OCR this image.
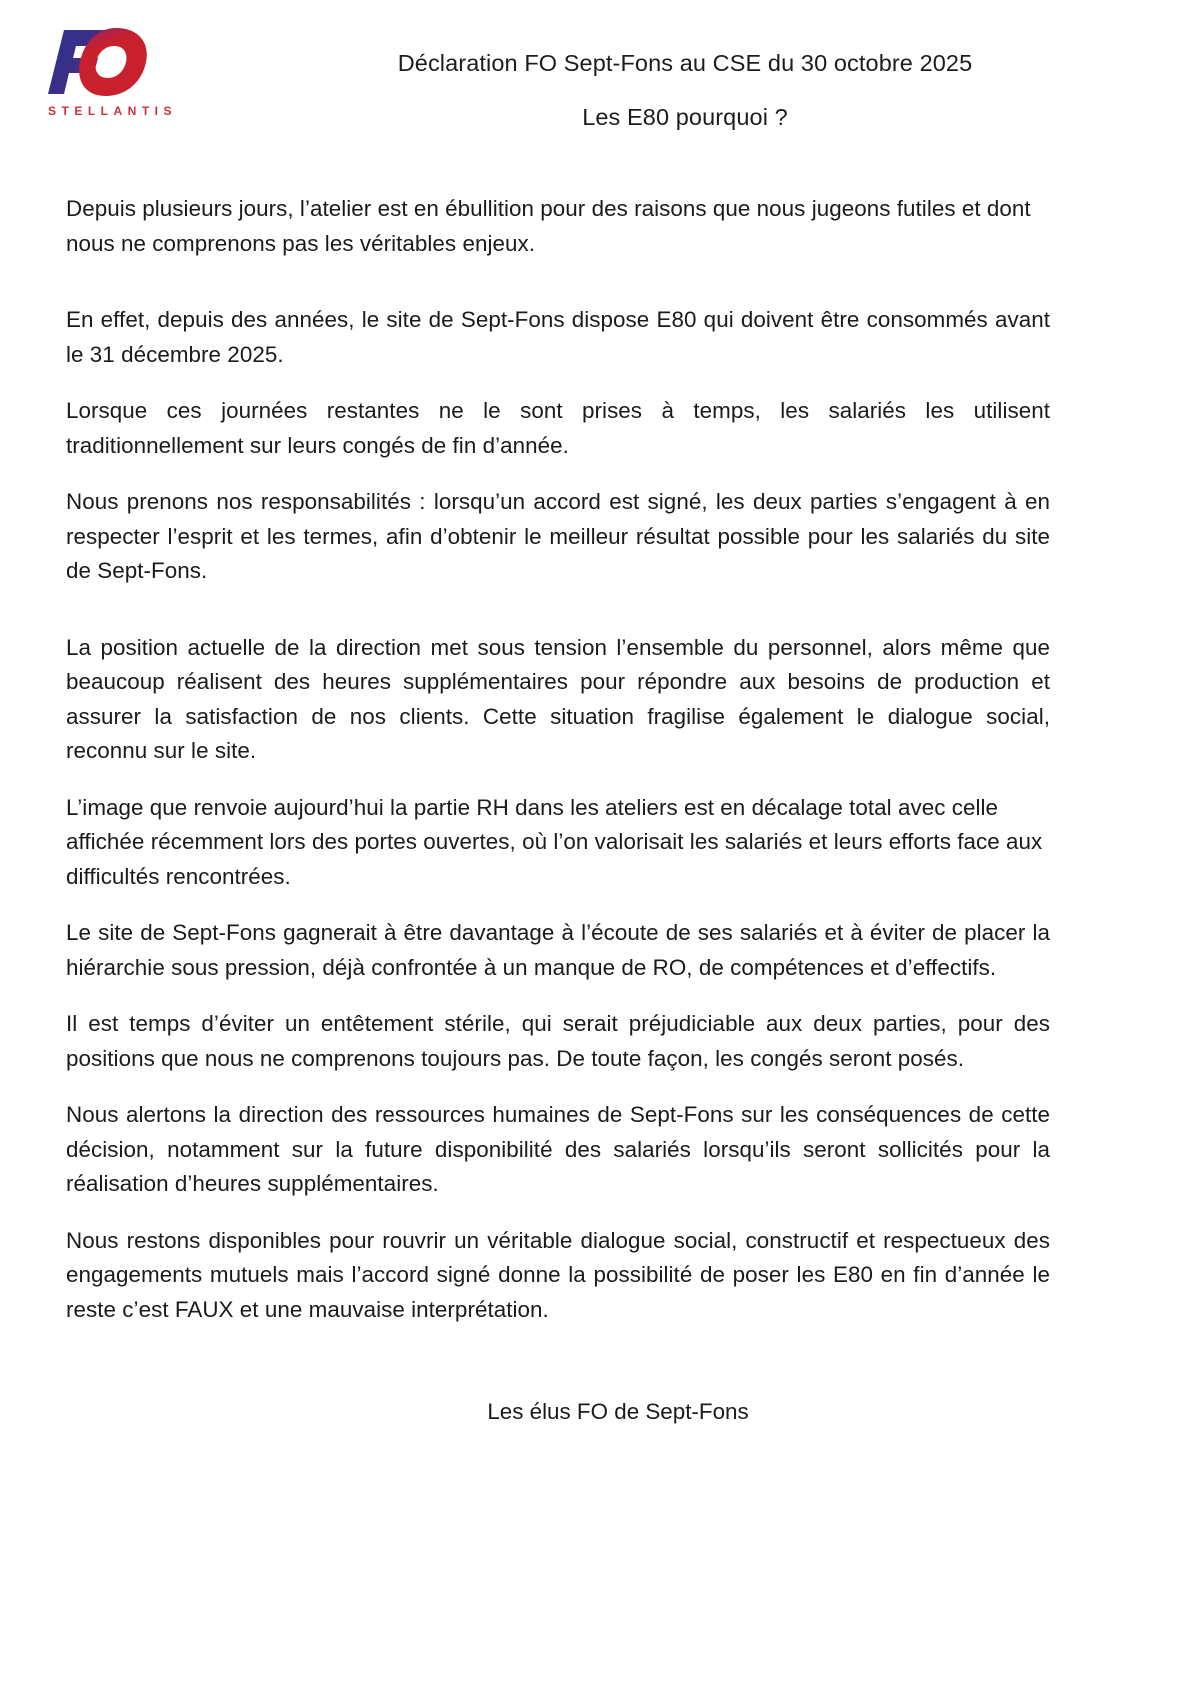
STELLANTIS
Déclaration FO Sept-Fons au CSE du 30 octobre 2025
Les E80 pourquoi ?

Depuis plusieurs jours, l’atelier est en ébullition pour des raisons que nous jugeons futiles et dont nous ne comprenons pas les véritables enjeux.

En effet, depuis des années, le site de Sept-Fons dispose E80 qui doivent être consommés avant le 31 décembre 2025.

Lorsque ces journées restantes ne le sont prises à temps, les salariés les utilisent traditionnellement sur leurs congés de fin d’année.

Nous prenons nos responsabilités : lorsqu’un accord est signé, les deux parties s’engagent à en respecter l’esprit et les termes, afin d’obtenir le meilleur résultat possible pour les salariés du site de Sept-Fons.

La position actuelle de la direction met sous tension l’ensemble du personnel, alors même que beaucoup réalisent des heures supplémentaires pour répondre aux besoins de production et assurer la satisfaction de nos clients. Cette situation fragilise également le dialogue social, reconnu sur le site.

L’image que renvoie aujourd’hui la partie RH dans les ateliers est en décalage total avec celle affichée récemment lors des portes ouvertes, où l’on valorisait les salariés et leurs efforts face aux difficultés rencontrées.

Le site de Sept-Fons gagnerait à être davantage à l’écoute de ses salariés et à éviter de placer la hiérarchie sous pression, déjà confrontée à un manque de RO, de compétences et d’effectifs.

Il est temps d’éviter un entêtement stérile, qui serait préjudiciable aux deux parties, pour des positions que nous ne comprenons toujours pas. De toute façon, les congés seront posés.

Nous alertons la direction des ressources humaines de Sept-Fons sur les conséquences de cette décision, notamment sur la future disponibilité des salariés lorsqu’ils seront sollicités pour la réalisation d’heures supplémentaires.

Nous restons disponibles pour rouvrir un véritable dialogue social, constructif et respectueux des engagements mutuels mais l’accord signé donne la possibilité de poser les E80 en fin d’année le reste c’est FAUX et une mauvaise interprétation.

Les élus FO de Sept-Fons
